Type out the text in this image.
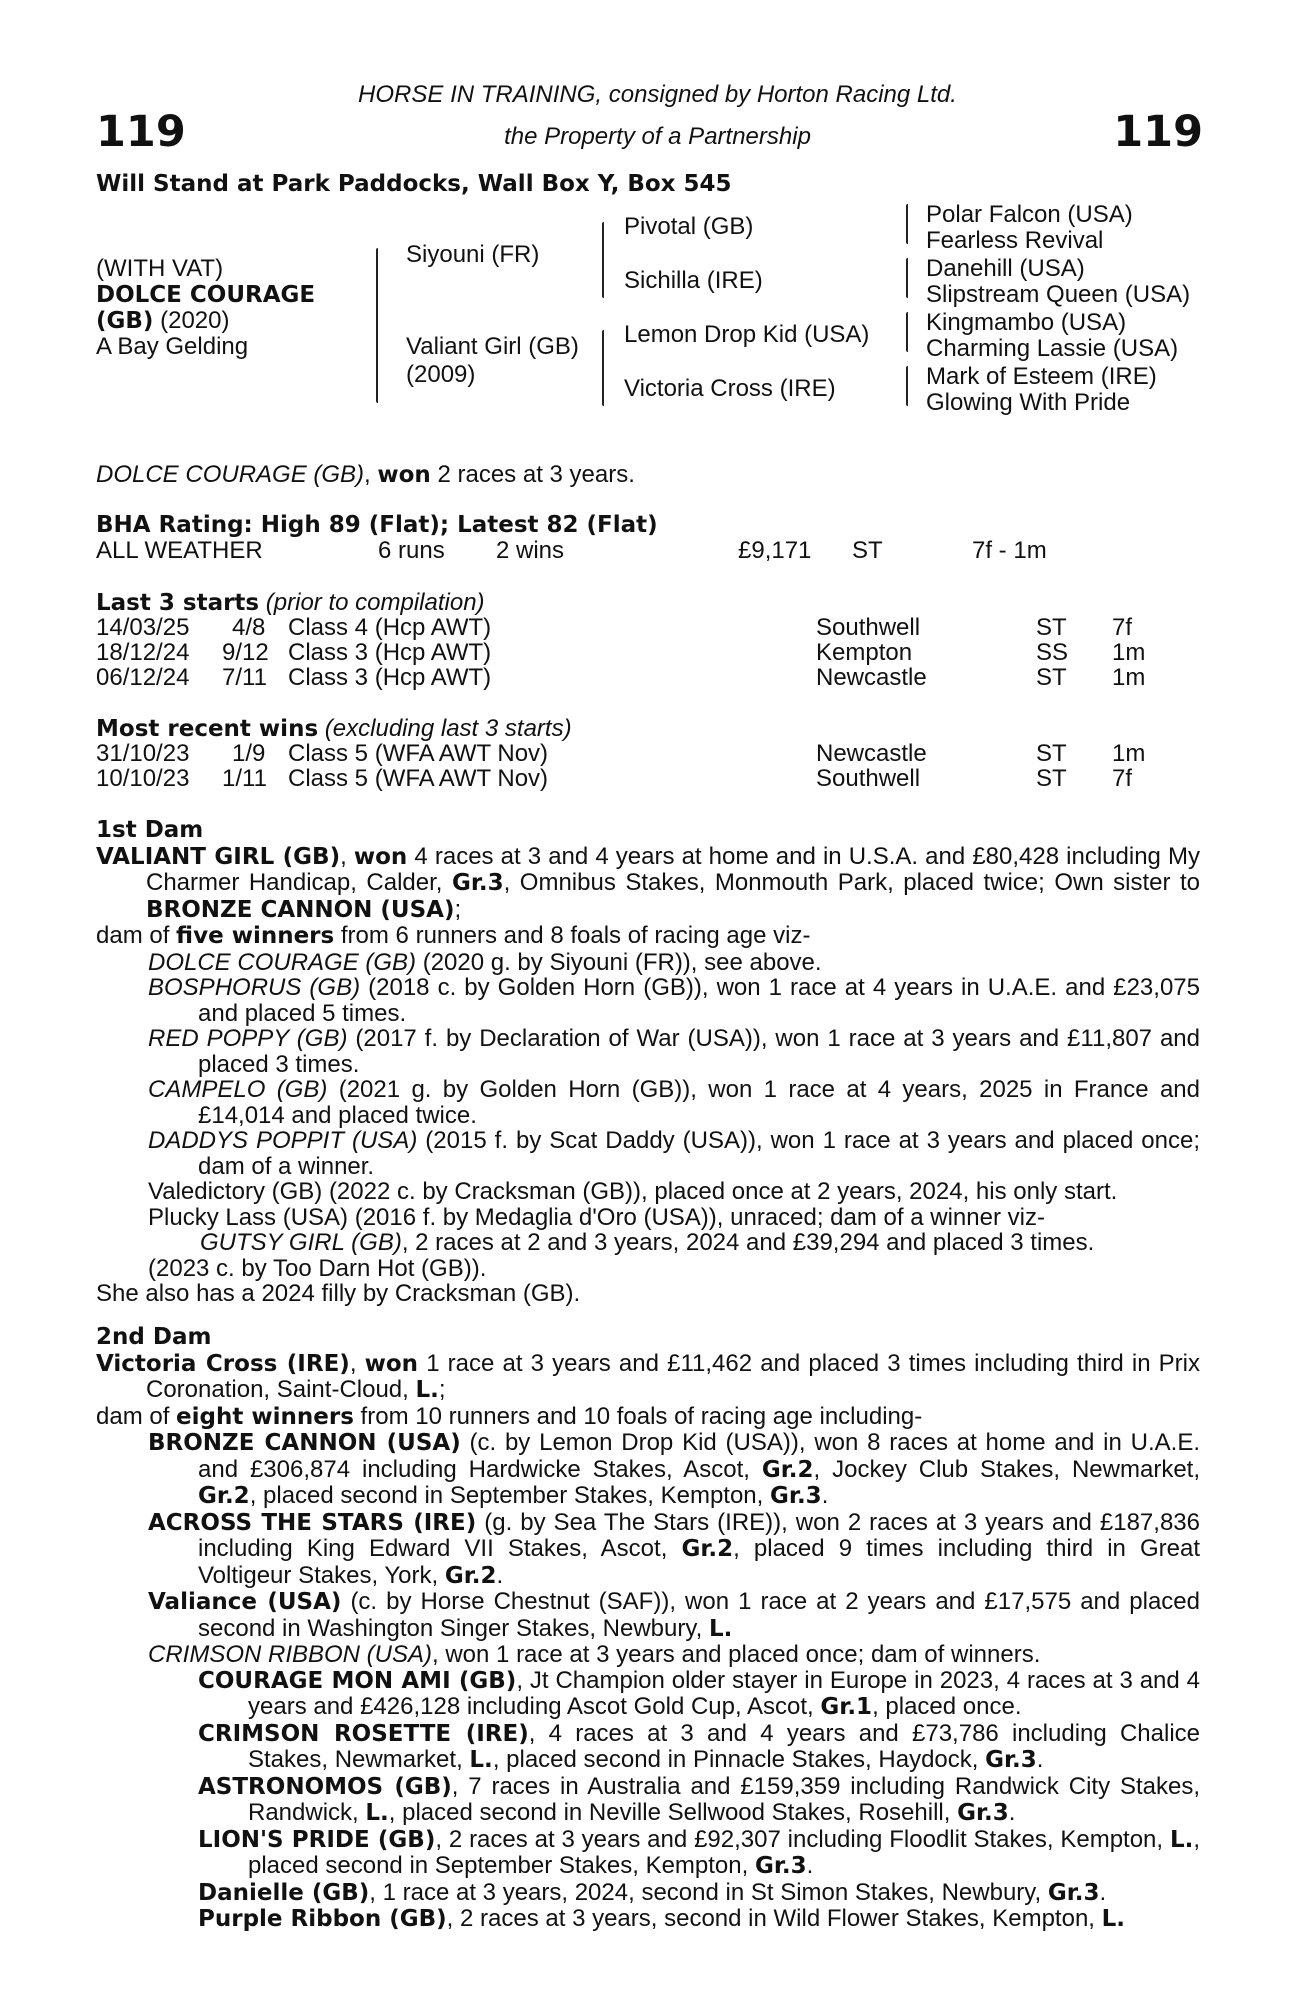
119	119
HORSE IN TRAINING, consigned by Horton Racing Ltd.
the Property of a Partnership
Will Stand at Park Paddocks, Wall Box Y, Box 545
(WITH VAT)
DOLCE COURAGE
(GB) (2020)
A Bay Gelding
Siyouni (FR)
Valiant Girl (GB)
(2009)
Pivotal (GB)
Sichilla (IRE)
Lemon Drop Kid (USA)
Victoria Cross (IRE)
Polar Falcon (USA)
Fearless Revival
Danehill (USA)
Slipstream Queen (USA)
Kingmambo (USA)
Charming Lassie (USA)
Mark of Esteem (IRE)
Glowing With Pride
DOLCE COURAGE (GB), won 2 races at 3 years.
BHA Rating: High 89 (Flat); Latest 82 (Flat)
ALL WEATHER	6 runs 2 wins	£9,171 ST	7f - 1m
Last 3 starts (prior to compilation)
14/03/25 4/8 Class 4 (Hcp AWT)	Southwell	ST 7f
18/12/24 9/12 Class 3 (Hcp AWT)	Kempton	SS 1m
06/12/24 7/11 Class 3 (Hcp AWT)	Newcastle	ST 1m
Most recent wins (excluding last 3 starts)
31/10/23 1/9 Class 5 (WFA AWT Nov)	Newcastle	ST 1m
10/10/23 1/11 Class 5 (WFA AWT Nov)	Southwell	ST 7f

1st Dam

VALIANT GIRL (GB), won 4 races at 3 and 4 years at home and in U.S.A. and £80,428 including My Charmer Handicap, Calder, Gr.3, Omnibus Stakes, Monmouth Park, placed twice; Own sister to BRONZE CANNON (USA);

dam of five winners from 6 runners and 8 foals of racing age viz-

DOLCE COURAGE (GB) (2020 g. by Siyouni (FR)), see above.

BOSPHORUS (GB) (2018 c. by Golden Horn (GB)), won 1 race at 4 years in U.A.E. and £23,075 and placed 5 times.

RED POPPY (GB) (2017 f. by Declaration of War (USA)), won 1 race at 3 years and £11,807 and placed 3 times.

CAMPELO (GB) (2021 g. by Golden Horn (GB)), won 1 race at 4 years, 2025 in France and £14,014 and placed twice.

DADDYS POPPIT (USA) (2015 f. by Scat Daddy (USA)), won 1 race at 3 years and placed once; dam of a winner.

Valedictory (GB) (2022 c. by Cracksman (GB)), placed once at 2 years, 2024, his only start.

Plucky Lass (USA) (2016 f. by Medaglia d'Oro (USA)), unraced; dam of a winner viz-

GUTSY GIRL (GB), 2 races at 2 and 3 years, 2024 and £39,294 and placed 3 times.

(2023 c. by Too Darn Hot (GB)).

She also has a 2024 filly by Cracksman (GB).

2nd Dam

Victoria Cross (IRE), won 1 race at 3 years and £11,462 and placed 3 times including third in Prix Coronation, Saint-Cloud, L.;

dam of eight winners from 10 runners and 10 foals of racing age including-

BRONZE CANNON (USA) (c. by Lemon Drop Kid (USA)), won 8 races at home and in U.A.E. and £306,874 including Hardwicke Stakes, Ascot, Gr.2, Jockey Club Stakes, Newmarket, Gr.2, placed second in September Stakes, Kempton, Gr.3.

ACROSS THE STARS (IRE) (g. by Sea The Stars (IRE)), won 2 races at 3 years and £187,836 including King Edward VII Stakes, Ascot, Gr.2, placed 9 times including third in Great Voltigeur Stakes, York, Gr.2.

Valiance (USA) (c. by Horse Chestnut (SAF)), won 1 race at 2 years and £17,575 and placed second in Washington Singer Stakes, Newbury, L.

CRIMSON RIBBON (USA), won 1 race at 3 years and placed once; dam of winners.

COURAGE MON AMI (GB), Jt Champion older stayer in Europe in 2023, 4 races at 3 and 4 years and £426,128 including Ascot Gold Cup, Ascot, Gr.1, placed once.

CRIMSON ROSETTE (IRE), 4 races at 3 and 4 years and £73,786 including Chalice Stakes, Newmarket, L., placed second in Pinnacle Stakes, Haydock, Gr.3.

ASTRONOMOS (GB), 7 races in Australia and £159,359 including Randwick City Stakes, Randwick, L., placed second in Neville Sellwood Stakes, Rosehill, Gr.3.

LION'S PRIDE (GB), 2 races at 3 years and £92,307 including Floodlit Stakes, Kempton, L., placed second in September Stakes, Kempton, Gr.3.

Danielle (GB), 1 race at 3 years, 2024, second in St Simon Stakes, Newbury, Gr.3.

Purple Ribbon (GB), 2 races at 3 years, second in Wild Flower Stakes, Kempton, L.
